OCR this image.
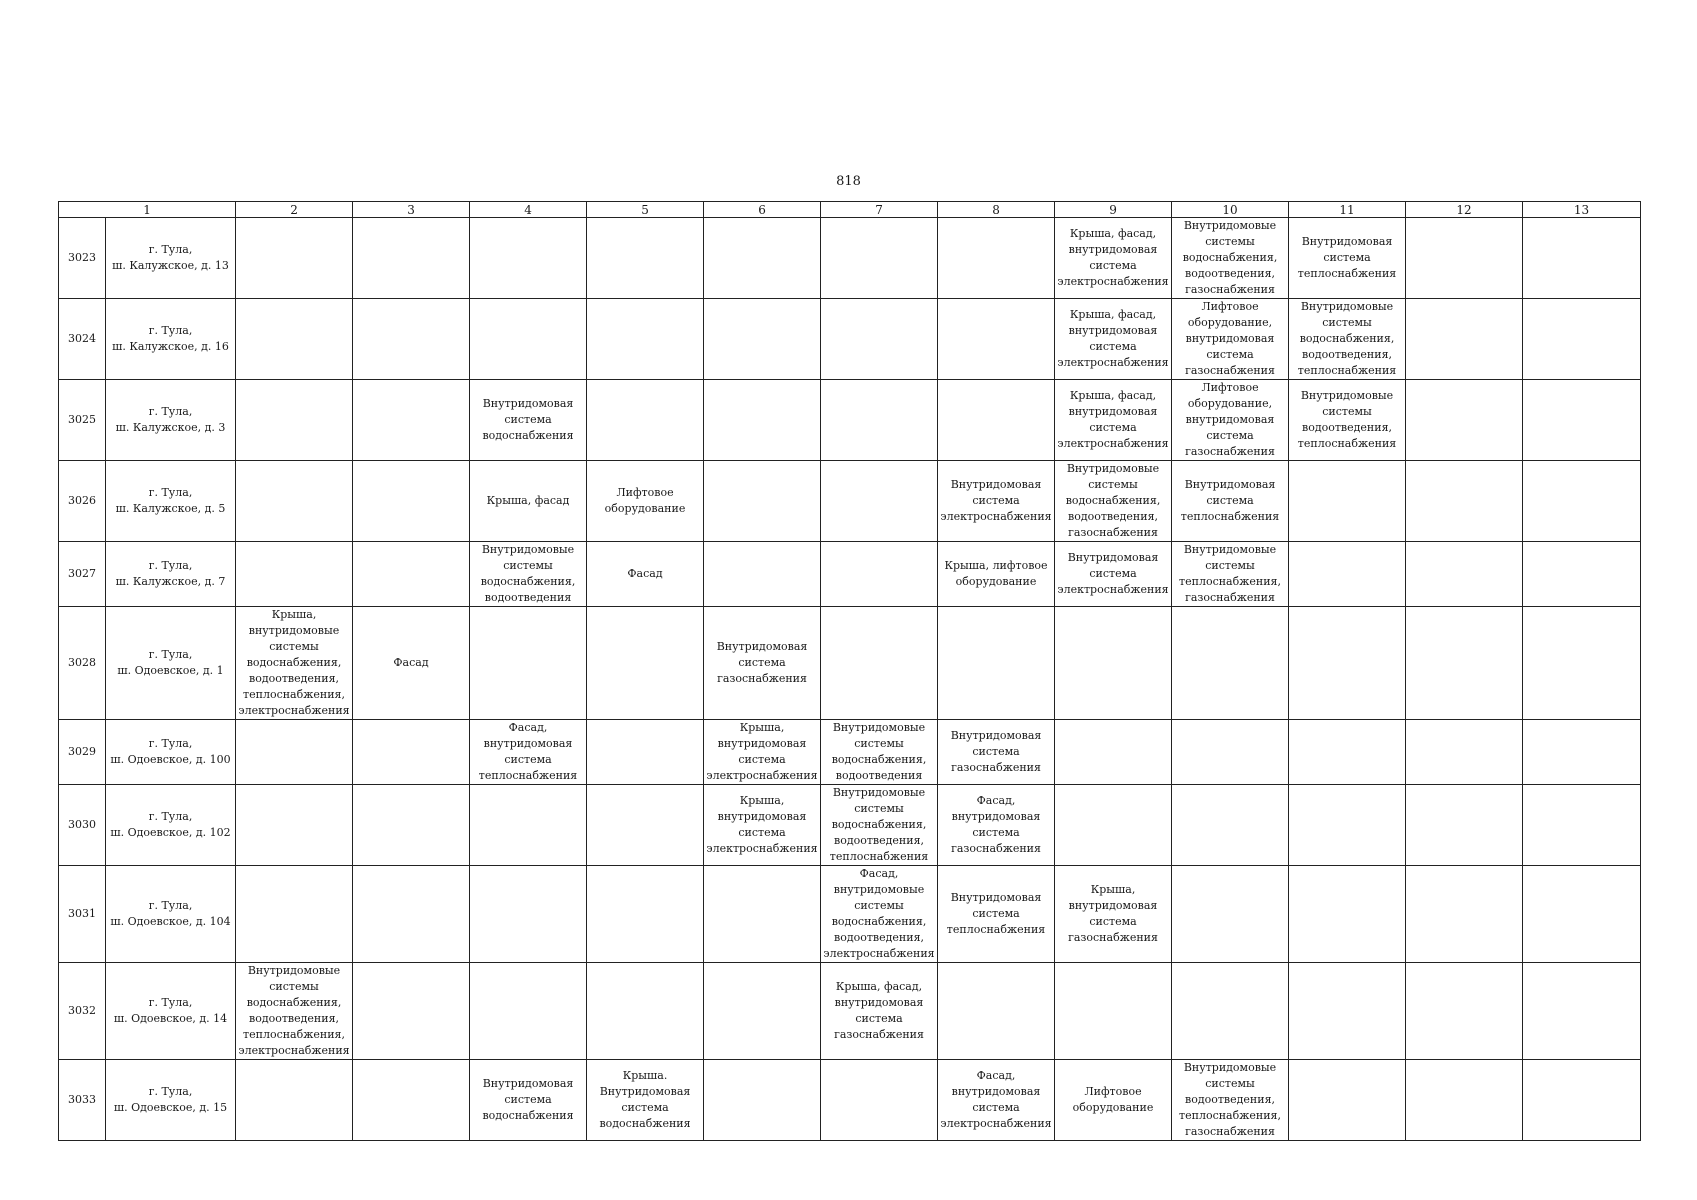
818
1		2	3	4	5	6	7	8	9	10	11	12	13
3023	г. Тула,
ш. Калужское, д. 13								Крыша, фасад, внутридомовая система электроснабжения	Внутридомовые системы водоснабжения, водоотведения, газоснабжения	Внутридомовая система теплоснабжения		
3024	г. Тула,
ш. Калужское, д. 16								Крыша, фасад, внутридомовая система электроснабжения	Лифтовое оборудование, внутридомовая система газоснабжения	Внутридомовые системы водоснабжения, водоотведения, теплоснабжения		
3025	г. Тула,
ш. Калужское, д. 3			Внутридомовая система водоснабжения					Крыша, фасад, внутридомовая система электроснабжения	Лифтовое оборудование, внутридомовая система газоснабжения	Внутридомовые системы водоотведения, теплоснабжения		
3026	г. Тула,
ш. Калужское, д. 5			Крыша, фасад	Лифтовое оборудование			Внутридомовая система электроснабжения	Внутридомовые системы водоснабжения, водоотведения, газоснабжения	Внутридомовая система теплоснабжения			
3027	г. Тула,
ш. Калужское, д. 7			Внутридомовые системы водоснабжения, водоотведения	Фасад			Крыша, лифтовое оборудование	Внутридомовая система электроснабжения	Внутридомовые системы теплоснабжения, газоснабжения			
3028	г. Тула,
ш. Одоевское, д. 1	Крыша, внутридомовые системы водоснабжения, водоотведения, теплоснабжения, электроснабжения	Фасад			Внутридомовая система газоснабжения							
3029	г. Тула,
ш. Одоевское, д. 100			Фасад, внутридомовая система теплоснабжения		Крыша, внутридомовая система электроснабжения	Внутридомовые системы водоснабжения, водоотведения	Внутридомовая система газоснабжения					
3030	г. Тула,
ш. Одоевское, д. 102					Крыша, внутридомовая система электроснабжения	Внутридомовые системы водоснабжения, водоотведения, теплоснабжения	Фасад, внутридомовая система газоснабжения					
3031	г. Тула,
ш. Одоевское, д. 104						Фасад, внутридомовые системы водоснабжения, водоотведения, электроснабжения	Внутридомовая система теплоснабжения	Крыша, внутридомовая система газоснабжения				
3032	г. Тула,
ш. Одоевское, д. 14	Внутридомовые системы водоснабжения, водоотведения, теплоснабжения, электроснабжения					Крыша, фасад, внутридомовая система газоснабжения						
3033	г. Тула,
ш. Одоевское, д. 15			Внутридомовая система водоснабжения	Крыша. Внутридомовая система водоснабжения			Фасад, внутридомовая система электроснабжения	Лифтовое оборудование	Внутридомовые системы водоотведения, теплоснабжения, газоснабжения			
